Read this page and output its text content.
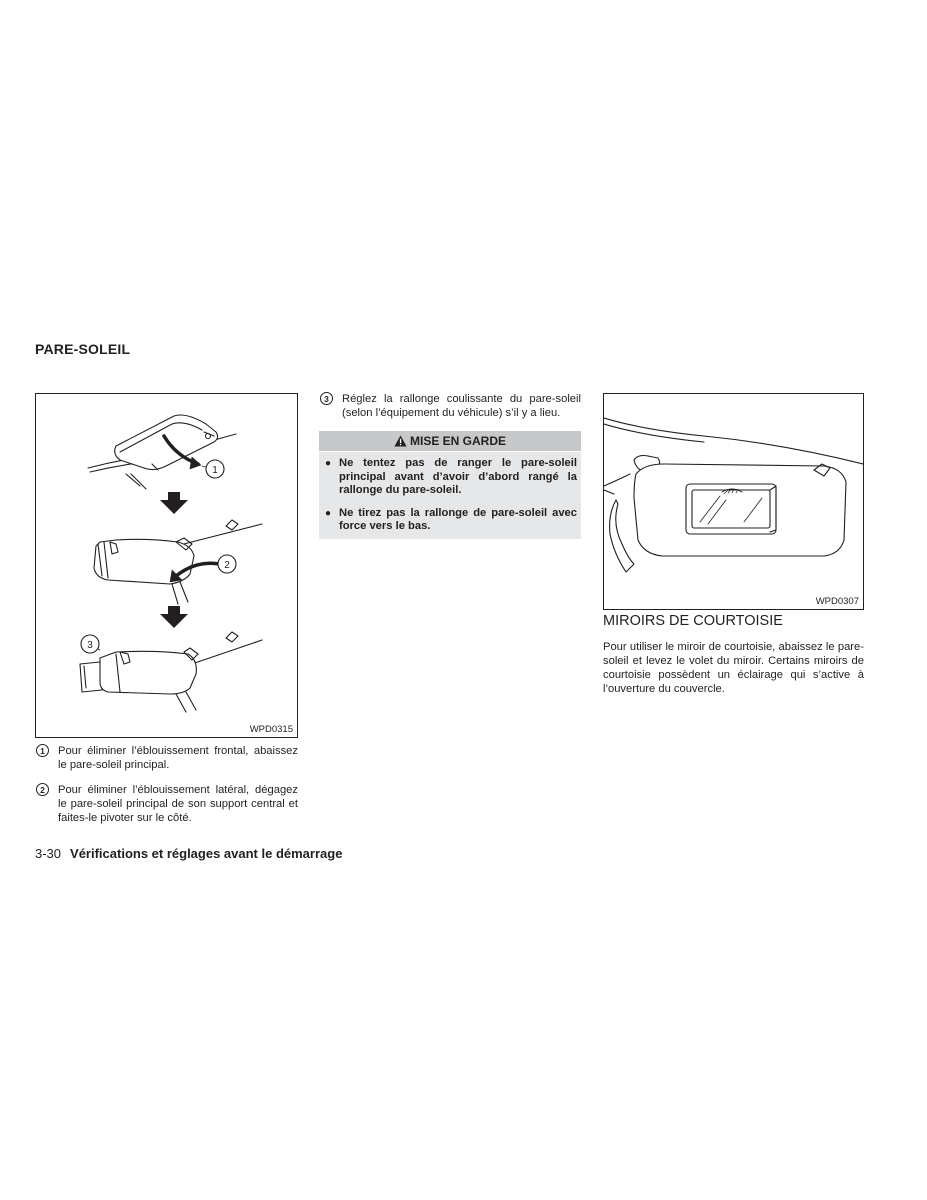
PARE-SOLEIL
1
2
3
WPD0315
1	Pour éliminer l’éblouissement frontal, abaissez le pare-soleil principal.
2	Pour éliminer l’éblouissement latéral, dégagez le pare-soleil principal de son support central et faites-le pivoter sur le côté.
3	Réglez la rallonge coulissante du pare-soleil (selon l’équipement du véhicule) s’il y a lieu.
MISE EN GARDE
● Ne tentez pas de ranger le pare-soleil principal avant d’avoir d’abord rangé la rallonge du pare-soleil.
● Ne tirez pas la rallonge de pare-soleil avec force vers le bas.
WPD0307
MIROIRS DE COURTOISIE

Pour utiliser le miroir de courtoisie, abaissez le pare-soleil et levez le volet du miroir. Certains miroirs de courtoisie possèdent un éclairage qui s’active à l’ouverture du couvercle.

3-30 Vérifications et réglages avant le démarrage
